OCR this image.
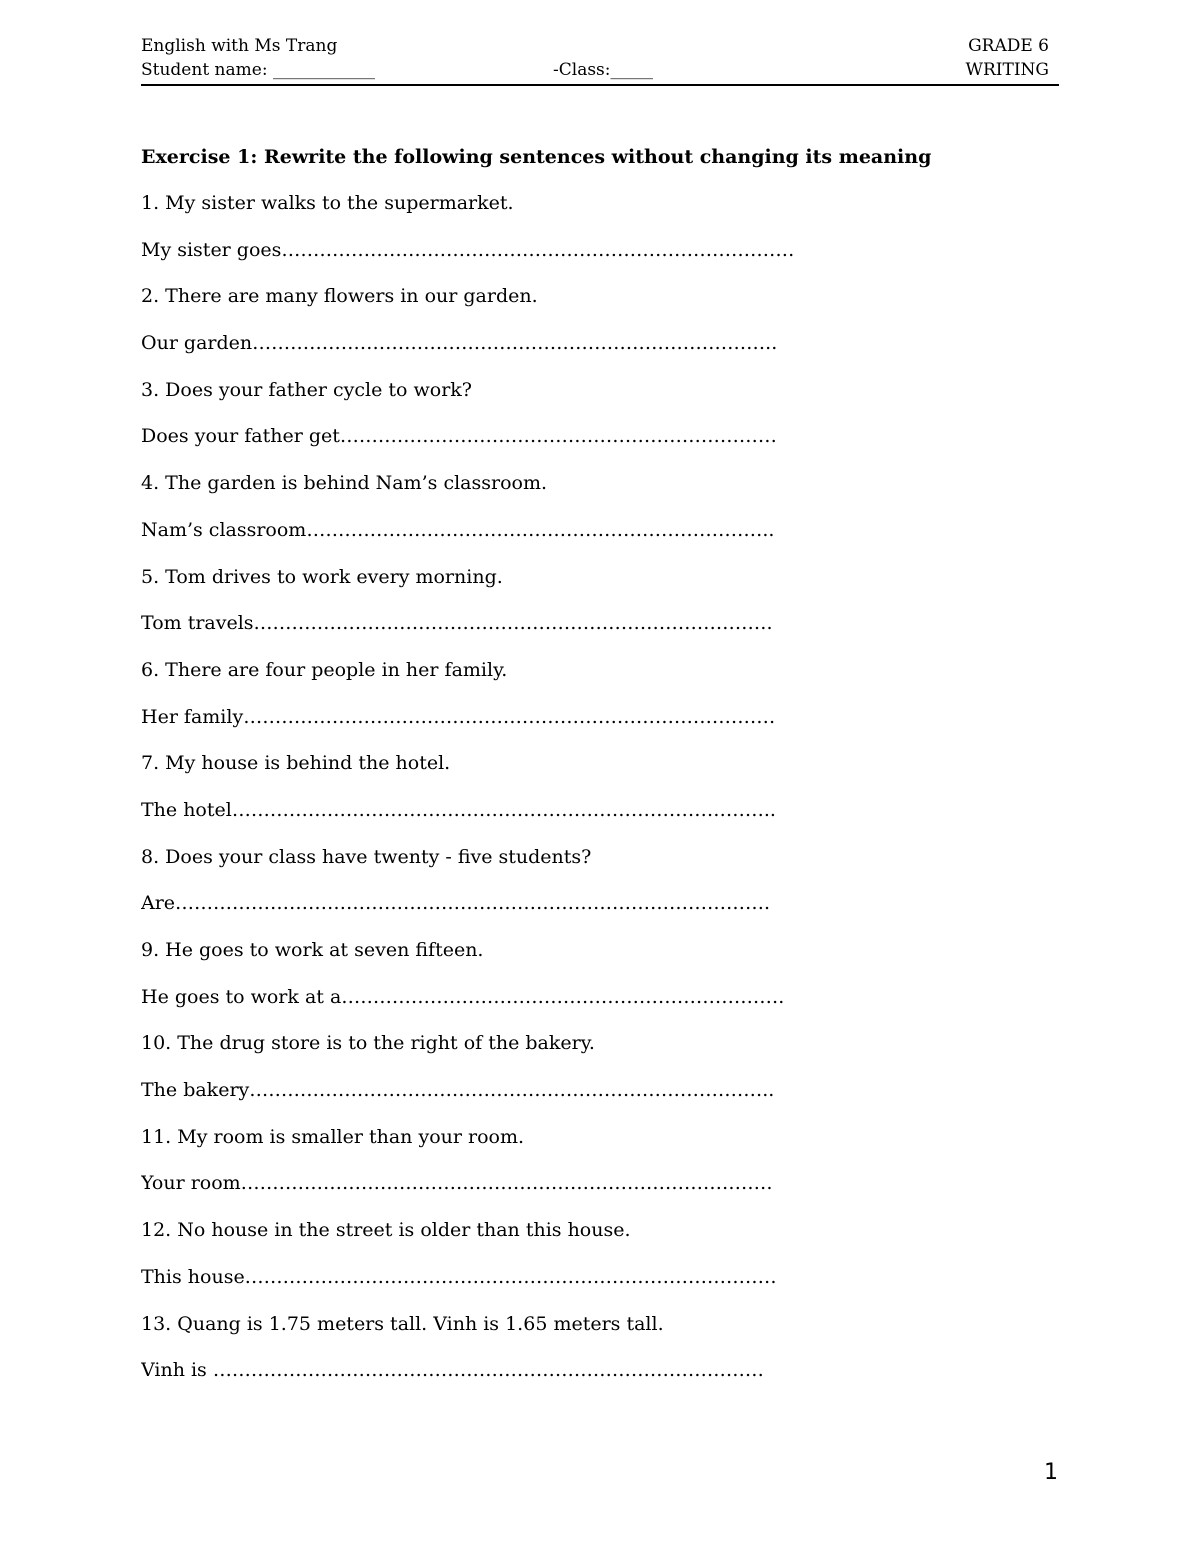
English with Ms Trang	GRADE 6
Student name: ____________	-Class:_____	WRITING
Exercise 1: Rewrite the following sentences without changing its meaning
1. My sister walks to the supermarket.
My sister goes………………………………………………………………………
2. There are many flowers in our garden.
Our garden………………………………………………………………………..
3. Does your father cycle to work?
Does your father get……………………………………………………………
4. The garden is behind Nam’s classroom.
Nam’s classroom………………………………………………………………..
5. Tom drives to work every morning.
Tom travels……………………………………………………………………….
6. There are four people in her family.
Her family…………………………………………………………………………
7. My house is behind the hotel.
The hotel…………………………………………………………………………..
8. Does your class have twenty - five students?
Are………………………………………………………………………………….
9. He goes to work at seven fifteen.
He goes to work at a…………………………………………………………….
10. The drug store is to the right of the bakery.
The bakery………………………………………………………………………..
11. My room is smaller than your room.
Your room…………………………………………………………………………
12. No house in the street is older than this house.
This house…………………………………………………………………………
13. Quang is 1.75 meters tall. Vinh is 1.65 meters tall.
Vinh is ……………………………………………………………………………
1
